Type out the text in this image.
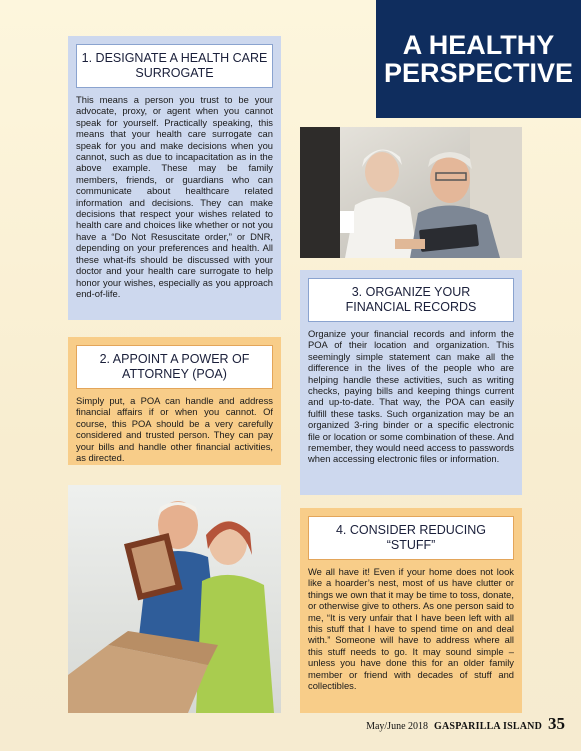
A HEALTHY
PERSPECTIVE
1. DESIGNATE A HEALTH CARE
SURROGATE
This means a person you trust to be your advocate, proxy, or agent when you cannot speak for yourself. Practically speaking, this means that your health care surrogate can speak for you and make decisions when you cannot, such as due to incapacitation as in the above example. These may be family members, friends, or guardians who can communicate about healthcare related information and decisions. They can make decisions that respect your wishes related to health care and choices like whether or not you have a “Do Not Resuscitate order,” or DNR, depending on your preferences and health. All these what-ifs should be discussed with your doctor and your health care surrogate to help honor your wishes, especially as you approach end-of-life.
2. APPOINT A POWER OF
ATTORNEY (POA)
Simply put, a POA can handle and address financial affairs if or when you cannot. Of course, this POA should be a very carefully considered and trusted person. They can pay your bills and handle other financial activities, as directed.
3. ORGANIZE YOUR
FINANCIAL RECORDS
Organize your financial records and inform the POA of their location and organization. This seemingly simple statement can make all the difference in the lives of the people who are helping handle these activities, such as writing checks, paying bills and keeping things current and up-to-date. That way, the POA can easily fulfill these tasks. Such organization may be an organized 3-ring binder or a specific electronic file or location or some combination of these. And remember, they would need access to passwords when accessing electronic files or information.
4. CONSIDER REDUCING
“STUFF”
We all have it! Even if your home does not look like a hoarder’s nest, most of us have clutter or things we own that it may be time to toss, donate, or otherwise give to others. As one person said to me, “It is very unfair that I have been left with all this stuff that I have to spend time on and deal with.” Someone will have to address where all this stuff needs to go. It may sound simple – unless you have done this for an older family member or friend with decades of stuff and collectibles.
May/June 2018 GASPARILLA ISLAND 35
